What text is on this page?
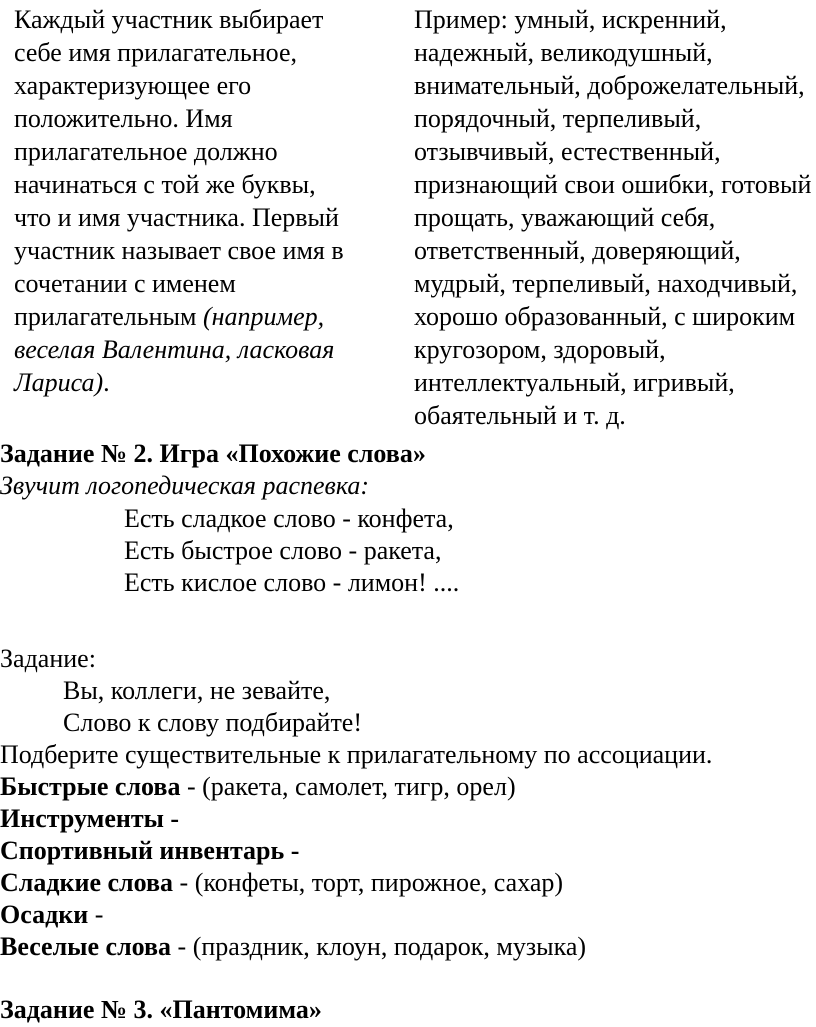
Каждый участник выбирает
себе имя прилагательное,
характеризующее его
положительно. Имя
прилагательное должно
начинаться с той же буквы,
что и имя участника. Первый
участник называет свое имя в
сочетании с именем
прилагательным (например,
веселая Валентина, ласковая
Лариса).
Пример: умный, искренний,
надежный, великодушный,
внимательный, доброжелательный,
порядочный, терпеливый,
отзывчивый, естественный,
признающий свои ошибки, готовый
прощать, уважающий себя,
ответственный, доверяющий,
мудрый, терпеливый, находчивый,
хорошо образованный, с широким
кругозором, здоровый,
интеллектуальный, игривый,
обаятельный и т. д.
Задание № 2. Игра «Похожие слова»
Звучит логопедическая распевка:
Есть сладкое слово - конфета,
Есть быстрое слово - ракета,
Есть кислое слово - лимон! ....
Задание:
Вы, коллеги, не зевайте,
Слово к слову подбирайте!
Подберите существительные к прилагательному по ассоциации.
Быстрые слова - (ракета, самолет, тигр, орел)
Инструменты -
Спортивный инвентарь -
Сладкие слова - (конфеты, торт, пирожное, сахар)
Осадки -
Веселые слова - (праздник, клоун, подарок, музыка)
Задание № 3. «Пантомима»
